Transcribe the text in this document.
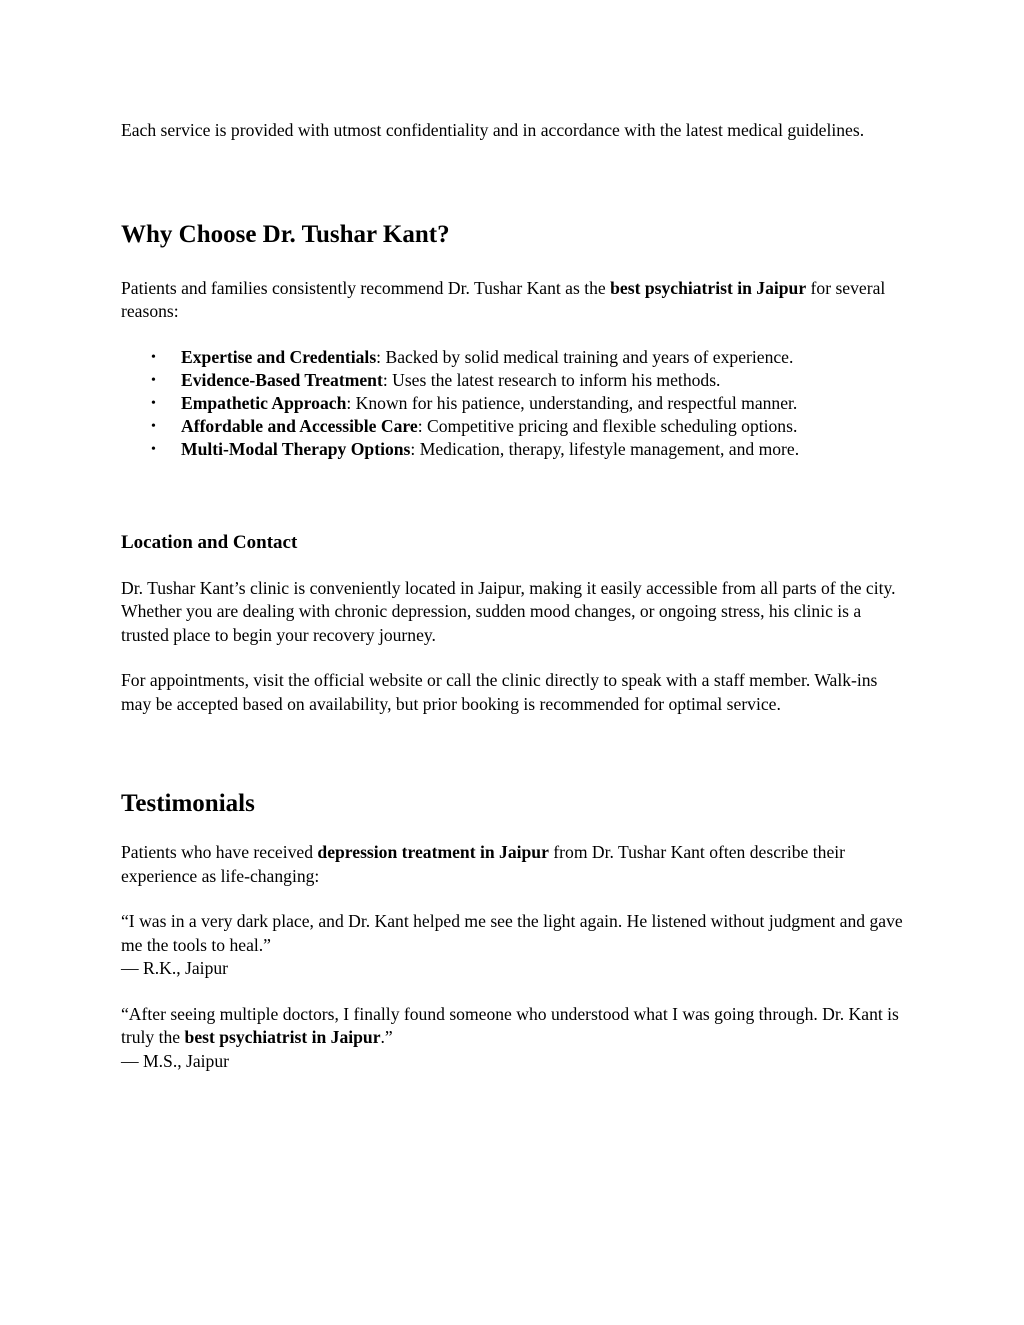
Each service is provided with utmost confidentiality and in accordance with the latest medical guidelines.

Why Choose Dr. Tushar Kant?

Patients and families consistently recommend Dr. Tushar Kant as the best psychiatrist in Jaipur for several reasons:

• Expertise and Credentials: Backed by solid medical training and years of experience.
• Evidence-Based Treatment: Uses the latest research to inform his methods.
• Empathetic Approach: Known for his patience, understanding, and respectful manner.
• Affordable and Accessible Care: Competitive pricing and flexible scheduling options.
• Multi-Modal Therapy Options: Medication, therapy, lifestyle management, and more.
Location and Contact

Dr. Tushar Kant’s clinic is conveniently located in Jaipur, making it easily accessible from all parts of the city. Whether you are dealing with chronic depression, sudden mood changes, or ongoing stress, his clinic is a trusted place to begin your recovery journey.

For appointments, visit the official website or call the clinic directly to speak with a staff member. Walk-ins may be accepted based on availability, but prior booking is recommended for optimal service.

Testimonials

Patients who have received depression treatment in Jaipur from Dr. Tushar Kant often describe their experience as life-changing:

“I was in a very dark place, and Dr. Kant helped me see the light again. He listened without judgment and gave me the tools to heal.”
— R.K., Jaipur

“After seeing multiple doctors, I finally found someone who understood what I was going through. Dr. Kant is truly the best psychiatrist in Jaipur.”
— M.S., Jaipur
